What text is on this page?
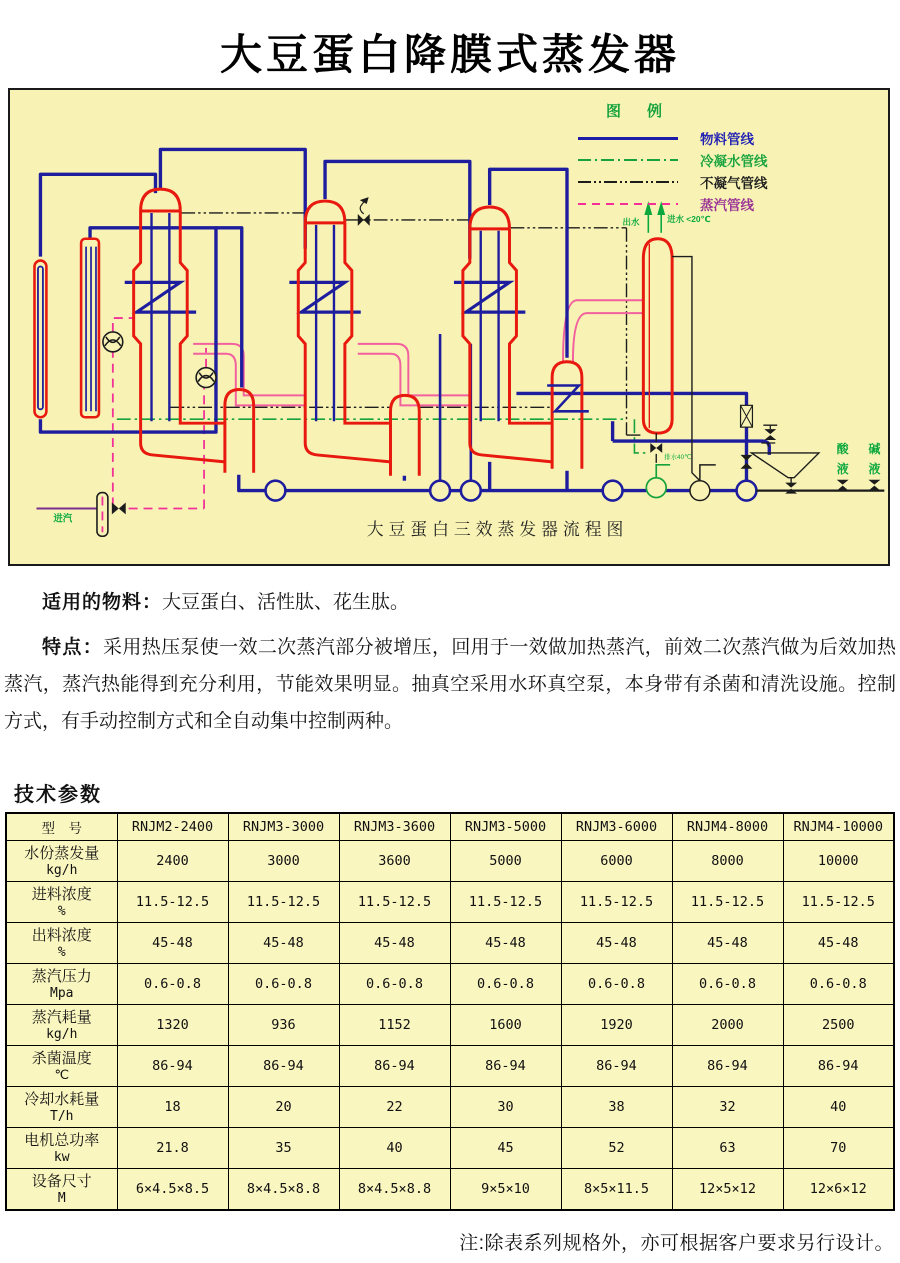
大豆蛋白降膜式蒸发器
出水	进水 <20℃
排水40℃
进汽
酸
液
碱
液
大豆蛋白三效蒸发器流程图
图例
物料管线
冷凝水管线
不凝气管线
蒸汽管线

适用的物料：大豆蛋白、活性肽、花生肽。

特点：采用热压泵使一效二次蒸汽部分被增压，回用于一效做加热蒸汽，前效二次蒸汽做为后效加热蒸汽，蒸汽热能得到充分利用，节能效果明显。抽真空采用水环真空泵，本身带有杀菌和清洗设施。控制方式，有手动控制方式和全自动集中控制两种。

技术参数
型　号	RNJM2-2400	RNJM3-3000	RNJM3-3600	RNJM3-5000	RNJM3-6000	RNJM4-8000	RNJM4-10000

水份蒸发量
kg/h	2400	3000	3600	5000	6000	8000	10000

进料浓度
%	11.5-12.5	11.5-12.5	11.5-12.5	11.5-12.5	11.5-12.5	11.5-12.5	11.5-12.5

出料浓度
%	45-48	45-48	45-48	45-48	45-48	45-48	45-48

蒸汽压力
Mpa	0.6-0.8	0.6-0.8	0.6-0.8	0.6-0.8	0.6-0.8	0.6-0.8	0.6-0.8

蒸汽耗量
kg/h	1320	936	1152	1600	1920	2000	2500

杀菌温度
℃	86-94	86-94	86-94	86-94	86-94	86-94	86-94

冷却水耗量
T/h	18	20	22	30	38	32	40

电机总功率
kw	21.8	35	40	45	52	63	70

设备尺寸
M	6×4.5×8.5	8×4.5×8.8	8×4.5×8.8	9×5×10	8×5×11.5	12×5×12	12×6×12
注:除表系列规格外，亦可根据客户要求另行设计。
